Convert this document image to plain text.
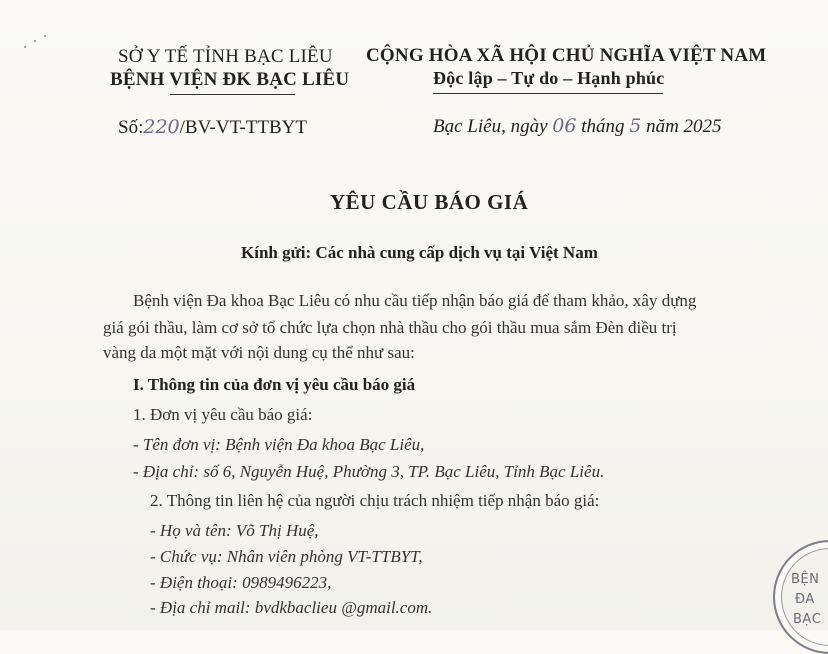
SỞ Y TẾ TỈNH BẠC LIÊU
BỆNH VIỆN ĐK BẠC LIÊU
CỘNG HÒA XÃ HỘI CHỦ NGHĨA VIỆT NAM
Độc lập – Tự do – Hạnh phúc
Số:220/BV-VT-TTBYT	Bạc Liêu, ngày 06 tháng 5 năm 2025
YÊU CẦU BÁO GIÁ
Kính gửi: Các nhà cung cấp dịch vụ tại Việt Nam
Bệnh viện Đa khoa Bạc Liêu có nhu cầu tiếp nhận báo giá để tham khảo, xây dựng
giá gói thầu, làm cơ sở tổ chức lựa chọn nhà thầu cho gói thầu mua sắm Đèn điều trị
vàng da một mặt với nội dung cụ thể như sau:
I. Thông tin của đơn vị yêu cầu báo giá
1. Đơn vị yêu cầu báo giá:
- Tên đơn vị: Bệnh viện Đa khoa Bạc Liêu,
- Địa chỉ: số 6, Nguyễn Huệ, Phường 3, TP. Bạc Liêu, Tỉnh Bạc Liêu.
2. Thông tin liên hệ của người chịu trách nhiệm tiếp nhận báo giá:
- Họ và tên: Võ Thị Huệ,
- Chức vụ: Nhân viên phòng VT-TTBYT,
- Điện thoại: 0989496223,
- Địa chỉ mail: bvdkbaclieu @gmail.com.
BỆN
ĐA
BẠC
